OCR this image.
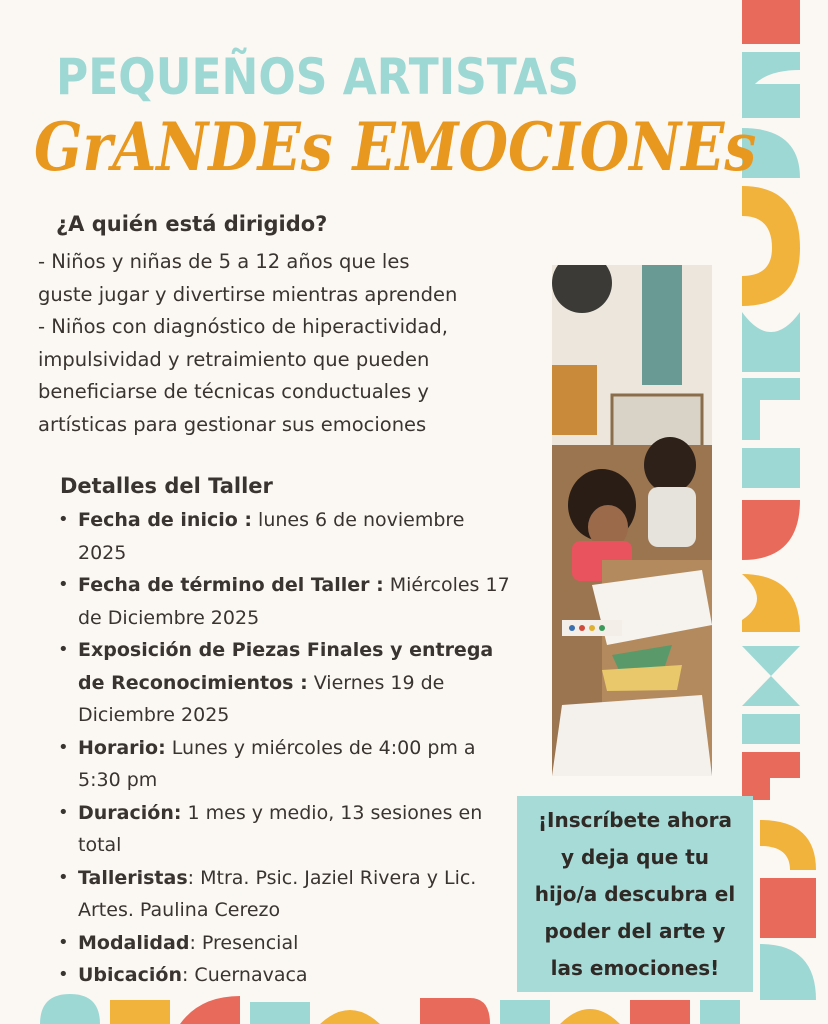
PEQUEÑOS ARTISTAS
GrANDEs EMOCIONEs
¿A quién está dirigido?

- Niños y niñas de 5 a 12 años que les

guste jugar y divertirse mientras aprenden

- Niños con diagnóstico de hiperactividad,

impulsividad y retraimiento que pueden

beneficiarse de técnicas conductuales y

artísticas para gestionar sus emociones

Detalles del Taller
• Fecha de inicio : lunes 6 de noviembre 2025
• Fecha de término del Taller : Miércoles 17 de Diciembre 2025
• Exposición de Piezas Finales y entrega de Reconocimientos : Viernes 19 de Diciembre 2025
• Horario: Lunes y miércoles de 4:00 pm a 5:30 pm
• Duración: 1 mes y medio, 13 sesiones en total
• Talleristas: Mtra. Psic. Jaziel Rivera y Lic. Artes. Paulina Cerezo
• Modalidad: Presencial
• Ubicación: Cuernavaca
¡Inscríbete ahora
y deja que tu
hijo/a descubra el
poder del arte y
las emociones!
